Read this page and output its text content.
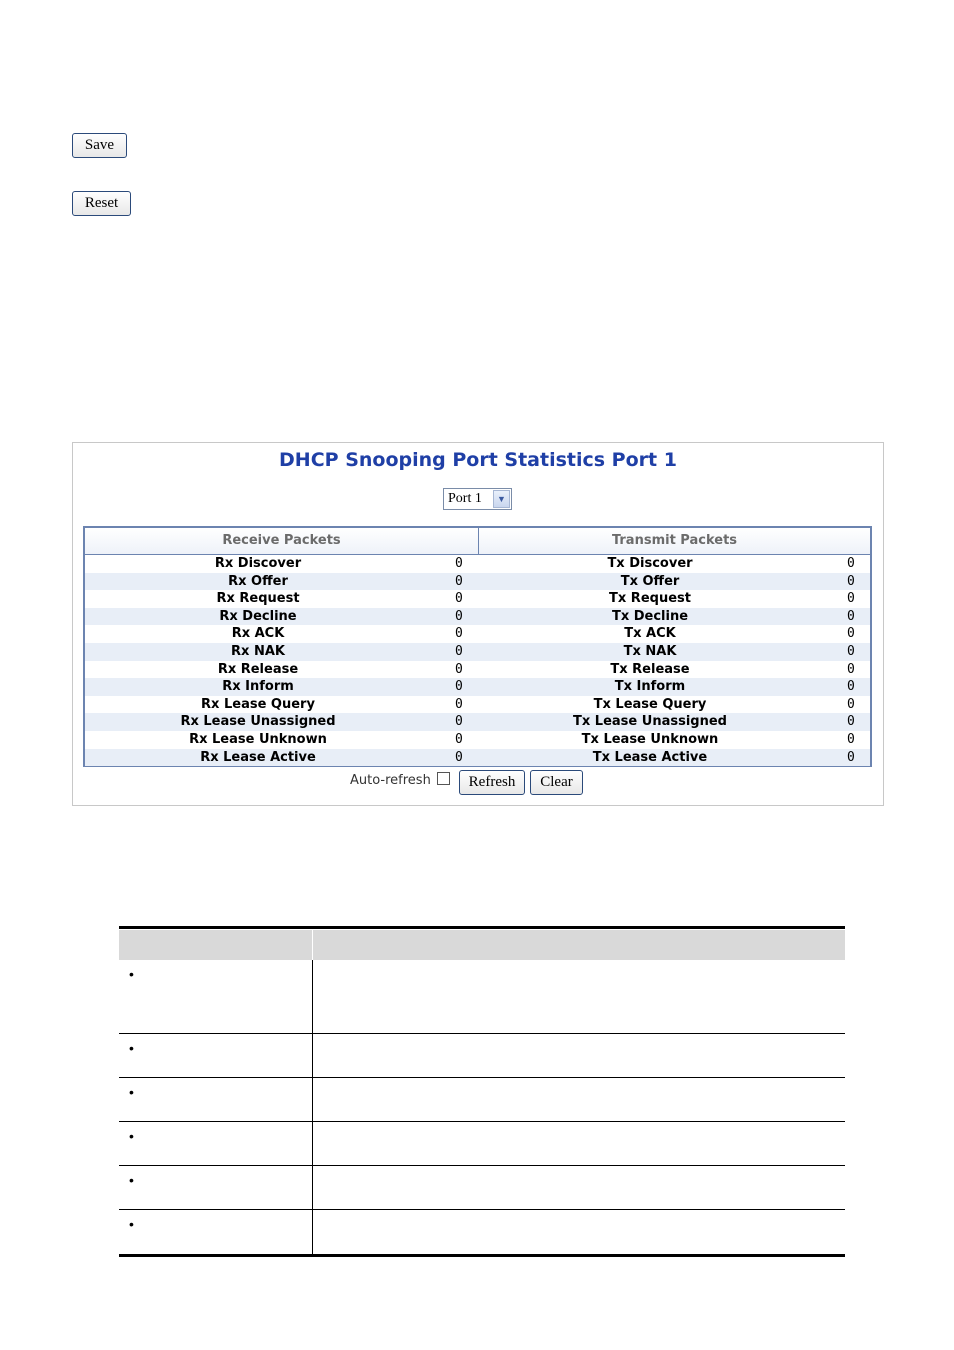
Save
Reset
DHCP Snooping Port Statistics Port 1
Port 1	▼
Receive Packets	Transmit Packets
Rx Discover	0	Tx Discover	0
Rx Offer	0	Tx Offer	0
Rx Request	0	Tx Request	0
Rx Decline	0	Tx Decline	0
Rx ACK	0	Tx ACK	0
Rx NAK	0	Tx NAK	0
Rx Release	0	Tx Release	0
Rx Inform	0	Tx Inform	0
Rx Lease Query	0	Tx Lease Query	0
Rx Lease Unassigned	0	Tx Lease Unassigned	0
Rx Lease Unknown	0	Tx Lease Unknown	0
Rx Lease Active	0	Tx Lease Active	0
Auto-refresh	Refresh	Clear
•
•
•
•
•
•
